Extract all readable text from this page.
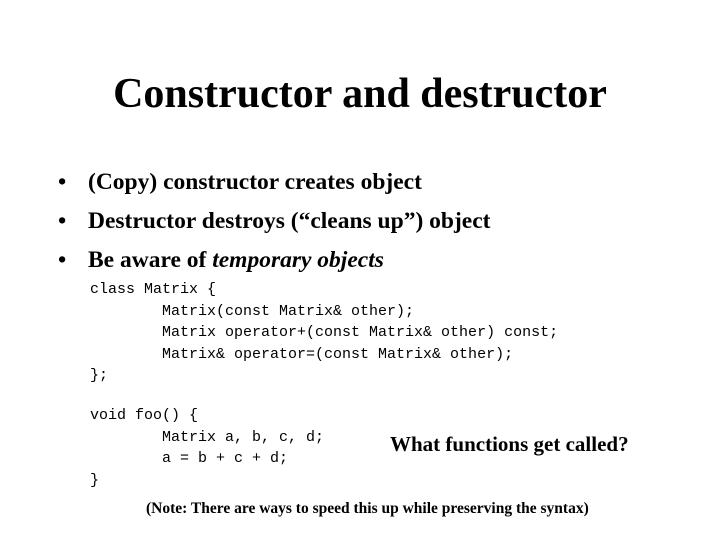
Constructor and destructor
• (Copy) constructor creates object
• Destructor destroys (“cleans up”) object
• Be aware of temporary objects
class Matrix {
Matrix(const Matrix& other);
Matrix operator+(const Matrix& other) const;
Matrix& operator=(const Matrix& other);
};
void foo() {
Matrix a, b, c, d;
a = b + c + d;
}
What functions get called?
(Note: There are ways to speed this up while preserving the syntax)
